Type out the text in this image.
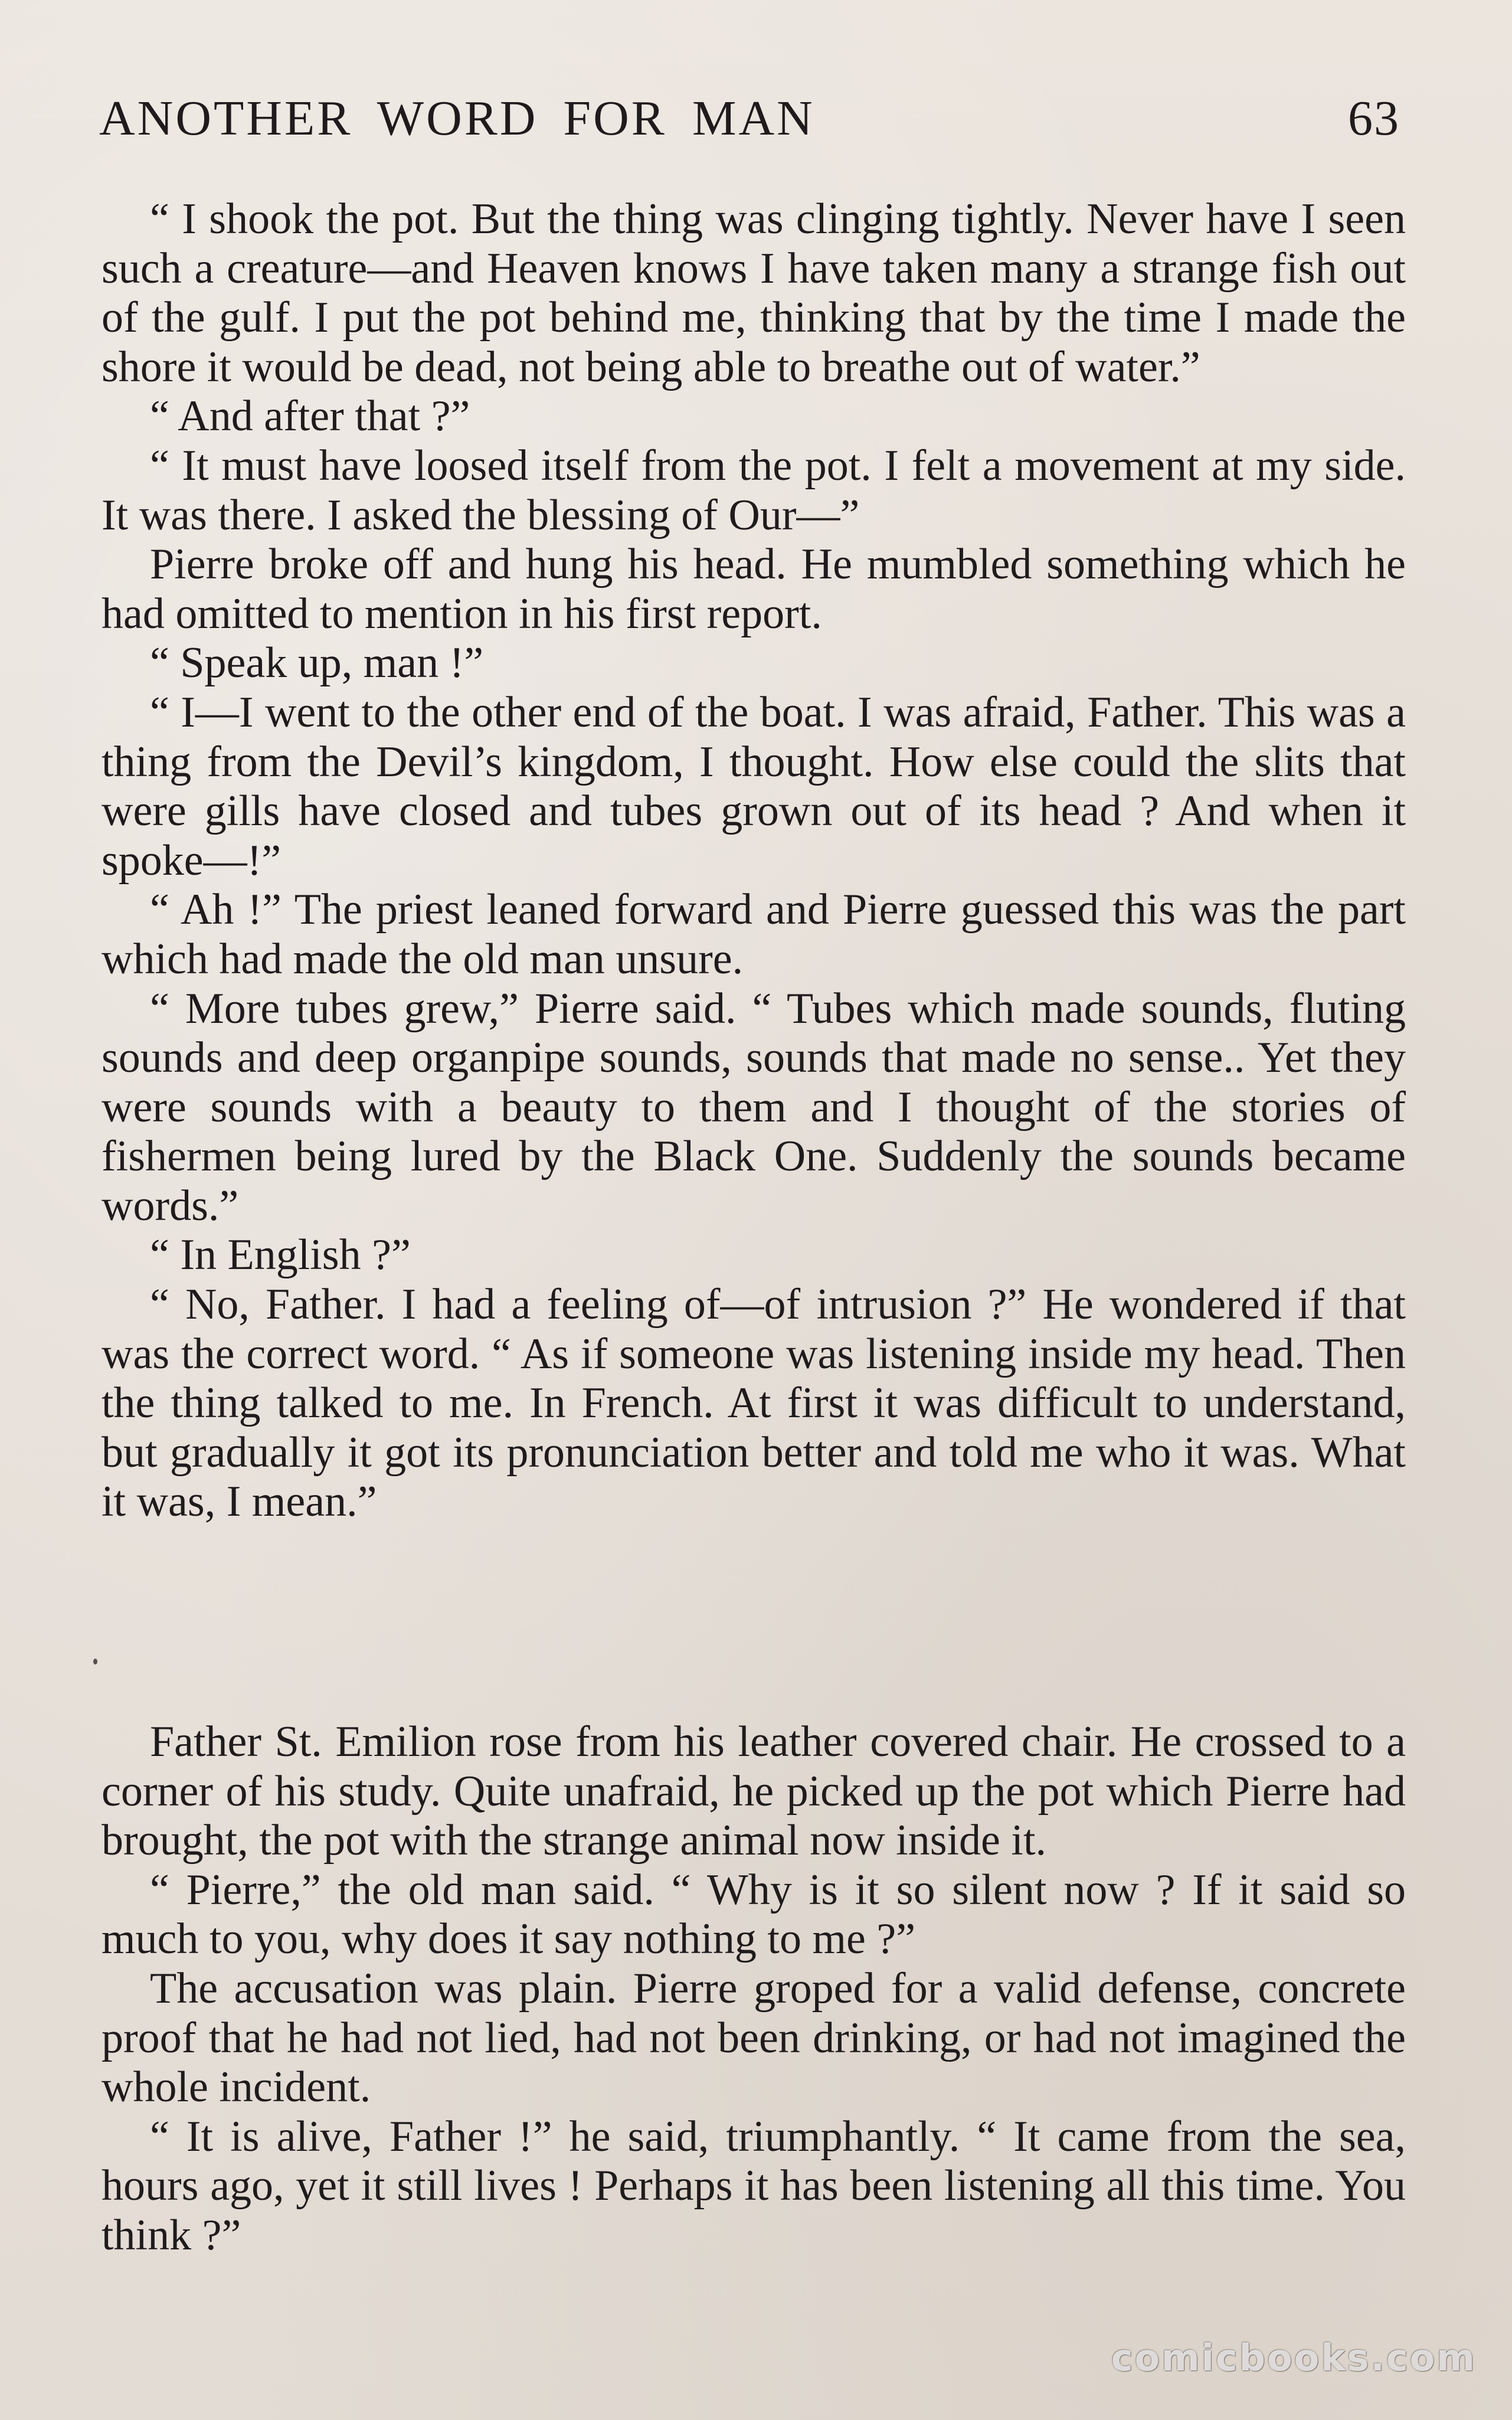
ANOTHER WORD FOR MAN	63

“ I shook the pot. But the thing was clinging tightly. Never have I seen such a creature—and Heaven knows I have taken many a strange fish out of the gulf. I put the pot behind me, thinking that by the time I made the shore it would be dead, not being able to breathe out of water.”

“ And after that ?”

“ It must have loosed itself from the pot. I felt a movement at my side. It was there. I asked the blessing of Our—”

Pierre broke off and hung his head. He mumbled something which he had omitted to mention in his first report.

“ Speak up, man !”

“ I—I went to the other end of the boat. I was afraid, Father. This was a thing from the Devil’s kingdom, I thought. How else could the slits that were gills have closed and tubes grown out of its head ? And when it spoke—!”

“ Ah !” The priest leaned forward and Pierre guessed this was the part which had made the old man unsure.

“ More tubes grew,” Pierre said. “ Tubes which made sounds, fluting sounds and deep organpipe sounds, sounds that made no sense.. Yet they were sounds with a beauty to them and I thought of the stories of fishermen being lured by the Black One. Suddenly the sounds became words.”

“ In English ?”

“ No, Father. I had a feeling of—of intrusion ?” He wondered if that was the correct word. “ As if someone was listening inside my head. Then the thing talked to me. In French. At first it was difficult to understand, but gradually it got its pronunciation better and told me who it was. What it was, I mean.”

Father St. Emilion rose from his leather covered chair. He crossed to a corner of his study. Quite unafraid, he picked up the pot which Pierre had brought, the pot with the strange animal now inside it.

“ Pierre,” the old man said. “ Why is it so silent now ? If it said so much to you, why does it say nothing to me ?”

The accusation was plain. Pierre groped for a valid defense, concrete proof that he had not lied, had not been drinking, or had not imagined the whole incident.

“ It is alive, Father !” he said, triumphantly. “ It came from the sea, hours ago, yet it still lives ! Perhaps it has been listening all this time. You think ?”

comicbooks.com
